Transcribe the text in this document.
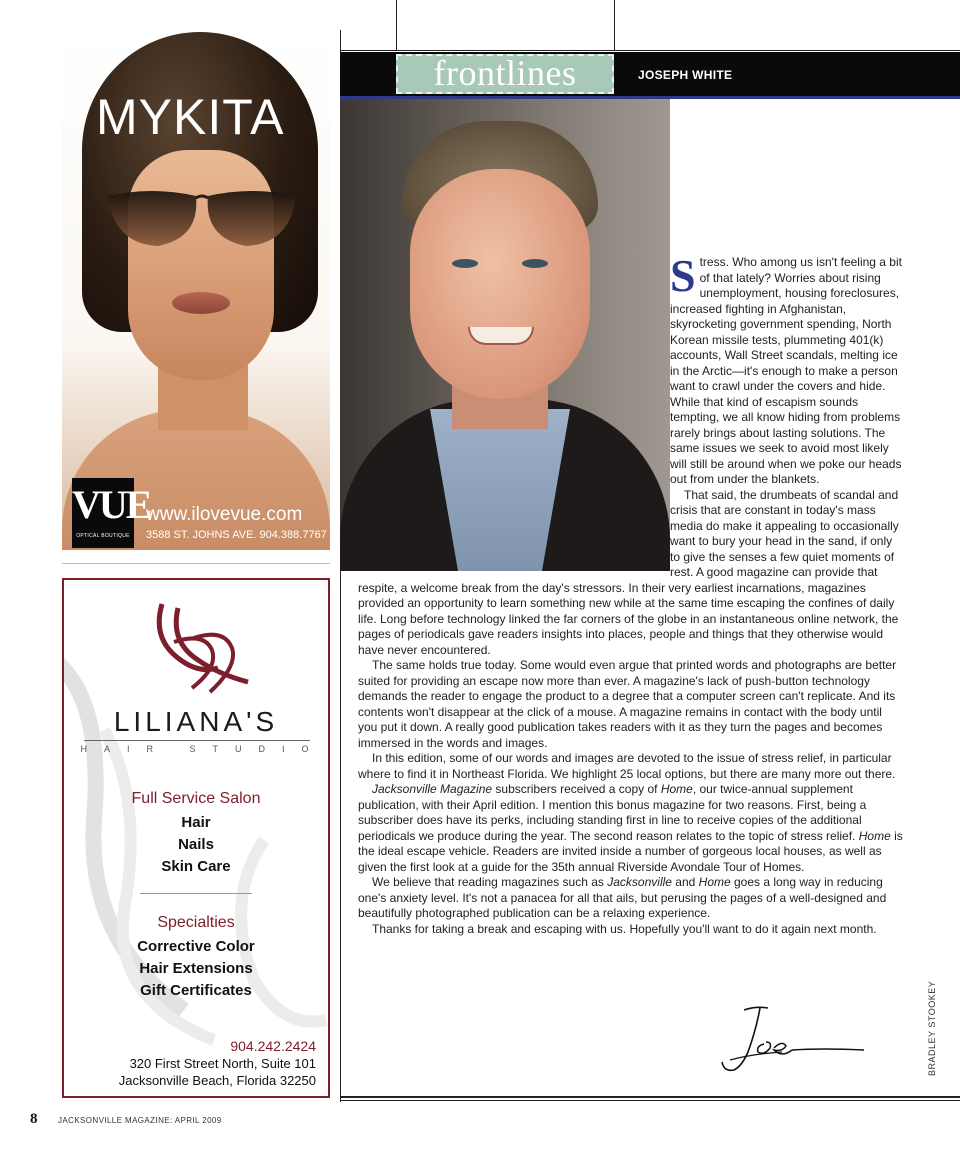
frontlines	JOSEPH WHITE
MYKITA
VUE
OPTICAL BOUTIQUE
www.ilovevue.com
3588 ST. JOHNS AVE. 904.388.7767
LILIANA'S
HAIR STUDIO
Full Service Salon
Hair
Nails
Skin Care
Specialties
Corrective Color
Hair Extensions
Gift Certificates
904.242.2424
320 First Street North, Suite 101
Jacksonville Beach, Florida 32250

Stress. Who among us isn't feeling a bit of that lately? Worries about rising unemployment, housing foreclosures, increased fighting in Afghanistan, skyrocketing government spending, North Korean missile tests, plummeting 401(k) accounts, Wall Street scandals, melting ice in the Arctic—it's enough to make a person want to crawl under the covers and hide. While that kind of escapism sounds tempting, we all know hiding from problems rarely brings about lasting solutions. The same issues we seek to avoid most likely will still be around when we poke our heads out from under the blankets.

That said, the drumbeats of scandal and crisis that are constant in today's mass media do make it appealing to occasionally want to bury your head in the sand, if only to give the senses a few quiet moments of rest. A good magazine can provide that respite, a welcome break from the day's stressors. In their very earliest incarnations, magazines provided an opportunity to learn something new while at the same time escaping the confines of daily life. Long before technology linked the far corners of the globe in an instantaneous online network, the pages of periodicals gave readers insights into places, people and things that they otherwise would have never encountered.

The same holds true today. Some would even argue that printed words and photographs are better suited for providing an escape now more than ever. A magazine's lack of push-button technology demands the reader to engage the product to a degree that a computer screen can't replicate. And its contents won't disappear at the click of a mouse. A magazine remains in contact with the body until you put it down. A really good publication takes readers with it as they turn the pages and becomes immersed in the words and images.

In this edition, some of our words and images are devoted to the issue of stress relief, in particular where to find it in Northeast Florida. We highlight 25 local options, but there are many more out there.

Jacksonville Magazine subscribers received a copy of Home, our twice-annual supplement publication, with their April edition. I mention this bonus magazine for two reasons. First, being a subscriber does have its perks, including standing first in line to receive copies of the additional periodicals we produce during the year. The second reason relates to the topic of stress relief. Home is the ideal escape vehicle. Readers are invited inside a number of gorgeous local houses, as well as given the first look at a guide for the 35th annual Riverside Avondale Tour of Homes.

We believe that reading magazines such as Jacksonville and Home goes a long way in reducing one's anxiety level. It's not a panacea for all that ails, but perusing the pages of a well-designed and beautifully photographed publication can be a relaxing experience.

Thanks for taking a break and escaping with us. Hopefully you'll want to do it again next month.

BRADLEY STOOKEY
8	JACKSONVILLE MAGAZINE: APRIL 2009
